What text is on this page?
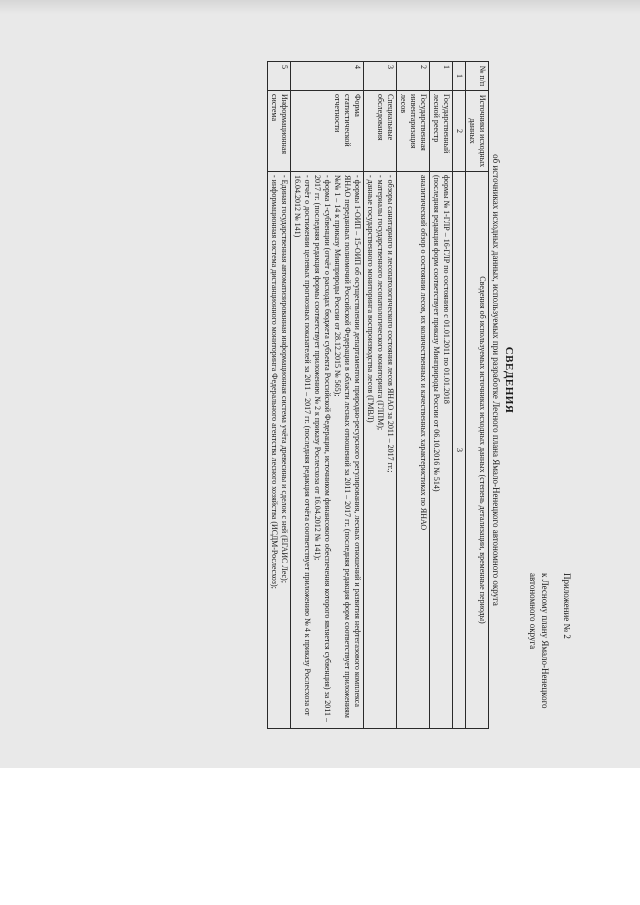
Приложение № 2
к Лесному плану Ямало-Ненецкого
автономного округа
СВЕДЕНИЯ
об источниках исходных данных, используемых при разработке Лесного плана Ямало-Ненецкого автономного округа
№ п/п	Источники исходных данных	Сведения об используемых источниках исходных данных (степень детализации, временные периоды)
1	2	3
1	Государственный лесной реестр	формы № 1-ГЛР – 16-ГЛР по состоянию с 01.01.2011 по 01.01.2018
(последняя редакция форм соответствует приказу Минприроды России от 06.10.2016 № 514)

2	Государственная инвентаризация лесов	аналитический обзор о состоянии лесов, их количественных и качественных характеристиках по ЯНАО

3	Специальные обследования	- обзоры санитарного и лесопатологического состояния лесов ЯНАО за 2011 – 2017 гг.;
- материалы государственного лесопатологического мониторинга (ГЛПМ);
- данные государственного мониторинга воспроизводства лесов (ГМВЛ)

4	Форма статистической отчетности	- формы 1-ОИП – 15-ОИП об осуществлении департаментом природно-ресурсного регулирования, лесных отношений и развития нефтегазового комплекса ЯНАО переданных полномочий Российской Федерации в области лесных отношений за 2011 – 2017 гг. (последняя редакция форм соответствует приложениям №№ 1 – 14 к приказу Минприроды России от 28.12.2015 № 565);
- форма 1-субвенции (отчёт о расходах бюджета субъекта Российской Федерации, источником финансового обеспечения которого является субвенция) за 2011 – 2017 гг. (последняя редакция формы соответствует приложению № 2 к приказу Рослесхоза от 16.04.2012 № 141);
- отчёт о достижении целевых прогнозных показателей за 2011 – 2017 гг. (последняя редакция отчёта соответствует приложению № 4 к приказу Рослесхоза от 16.04.2012 № 141)

5	Информационная система	- Единая государственная автоматизированная информационная система учёта древесины и сделок с ней (ЕГАИС Лес);
- информационная система дистанционного мониторинга Федерального агентства лесного хозяйства (ИСДМ-Рослесхоз);
